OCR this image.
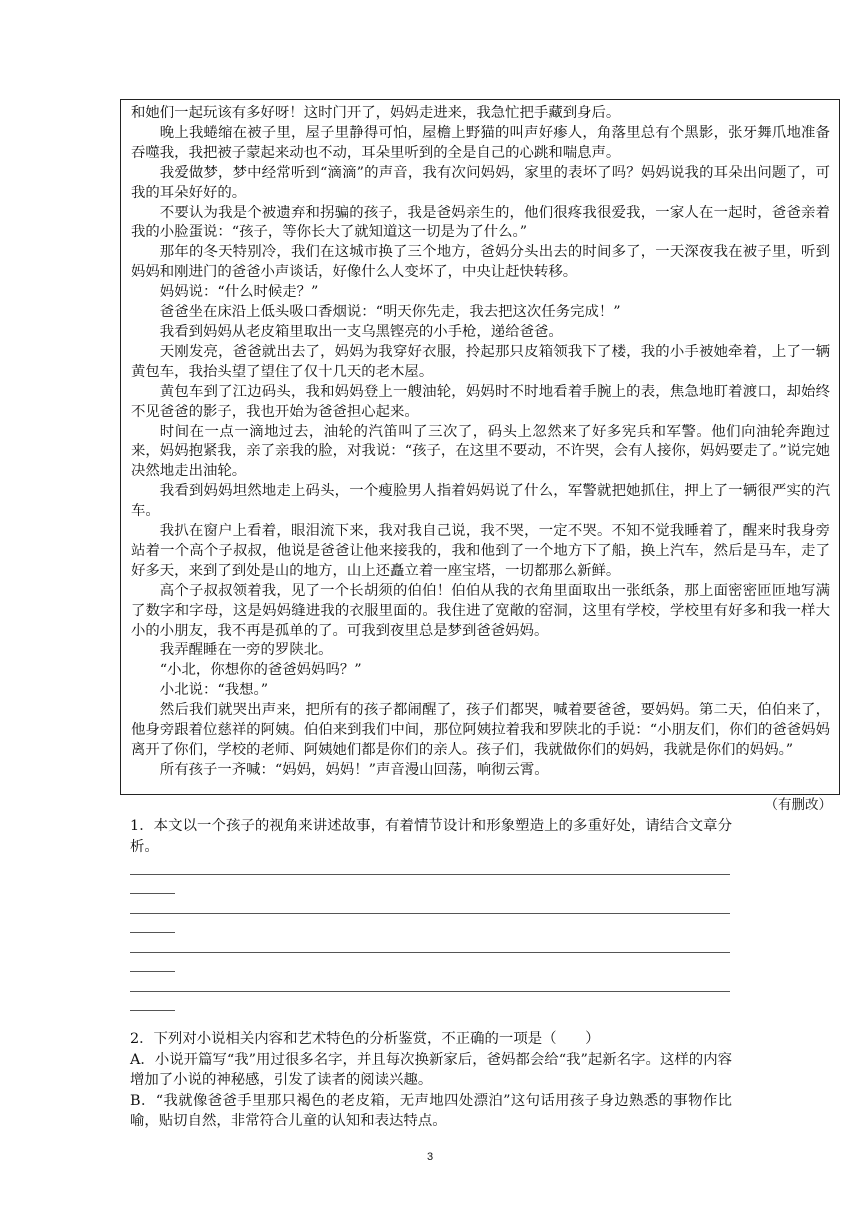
和她们一起玩该有多好呀！这时门开了，妈妈走进来，我急忙把手藏到身后。

晚上我蜷缩在被子里，屋子里静得可怕，屋檐上野猫的叫声好瘆人，角落里总有个黑影，张牙舞爪地准备吞噬我，我把被子蒙起来动也不动，耳朵里听到的全是自己的心跳和喘息声。

我爱做梦，梦中经常听到“滴滴”的声音，我有次问妈妈，家里的表坏了吗？妈妈说我的耳朵出问题了，可我的耳朵好好的。

不要认为我是个被遗弃和拐骗的孩子，我是爸妈亲生的，他们很疼我很爱我，一家人在一起时，爸爸亲着我的小脸蛋说：“孩子，等你长大了就知道这一切是为了什么。”

那年的冬天特别冷，我们在这城市换了三个地方，爸妈分头出去的时间多了，一天深夜我在被子里，听到妈妈和刚进门的爸爸小声谈话，好像什么人变坏了，中央让赶快转移。

妈妈说：“什么时候走？”

爸爸坐在床沿上低头吸口香烟说：“明天你先走，我去把这次任务完成！”

我看到妈妈从老皮箱里取出一支乌黑铿亮的小手枪，递给爸爸。

天刚发亮，爸爸就出去了，妈妈为我穿好衣服，拎起那只皮箱领我下了楼，我的小手被她牵着，上了一辆黄包车，我抬头望了望住了仅十几天的老木屋。

黄包车到了江边码头，我和妈妈登上一艘油轮，妈妈时不时地看着手腕上的表，焦急地盯着渡口，却始终不见爸爸的影子，我也开始为爸爸担心起来。

时间在一点一滴地过去，油轮的汽笛叫了三次了，码头上忽然来了好多宪兵和军警。他们向油轮奔跑过来，妈妈抱紧我，亲了亲我的脸，对我说：“孩子，在这里不要动，不许哭，会有人接你，妈妈要走了。”说完她决然地走出油轮。

我看到妈妈坦然地走上码头，一个瘦脸男人指着妈妈说了什么，军警就把她抓住，押上了一辆很严实的汽车。

我扒在窗户上看着，眼泪流下来，我对我自己说，我不哭，一定不哭。不知不觉我睡着了，醒来时我身旁站着一个高个子叔叔，他说是爸爸让他来接我的，我和他到了一个地方下了船，换上汽车，然后是马车，走了好多天，来到了到处是山的地方，山上还矗立着一座宝塔，一切都那么新鲜。

高个子叔叔领着我，见了一个长胡须的伯伯！伯伯从我的衣角里面取出一张纸条，那上面密密匝匝地写满了数字和字母，这是妈妈缝进我的衣服里面的。我住进了宽敞的窑洞，这里有学校，学校里有好多和我一样大小的小朋友，我不再是孤单的了。可我到夜里总是梦到爸爸妈妈。

我弄醒睡在一旁的罗陕北。

“小北，你想你的爸爸妈妈吗？”

小北说：“我想。”

然后我们就哭出声来，把所有的孩子都闹醒了，孩子们都哭，喊着要爸爸，要妈妈。第二天，伯伯来了，他身旁跟着位慈祥的阿姨。伯伯来到我们中间，那位阿姨拉着我和罗陕北的手说：“小朋友们，你们的爸爸妈妈离开了你们，学校的老师、阿姨她们都是你们的亲人。孩子们，我就做你们的妈妈，我就是你们的妈妈。”

所有孩子一齐喊：“妈妈，妈妈！”声音漫山回荡，响彻云霄。

（有删改）

1．本文以一个孩子的视角来讲述故事，有着情节设计和形象塑造上的多重好处，请结合文章分析。

2．下列对小说相关内容和艺术特色的分析鉴赏，不正确的一项是（　　）

A．小说开篇写“我”用过很多名字，并且每次换新家后，爸妈都会给“我”起新名字。这样的内容增加了小说的神秘感，引发了读者的阅读兴趣。

B．“我就像爸爸手里那只褐色的老皮箱，无声地四处漂泊”这句话用孩子身边熟悉的事物作比喻，贴切自然，非常符合儿童的认知和表达特点。

3
